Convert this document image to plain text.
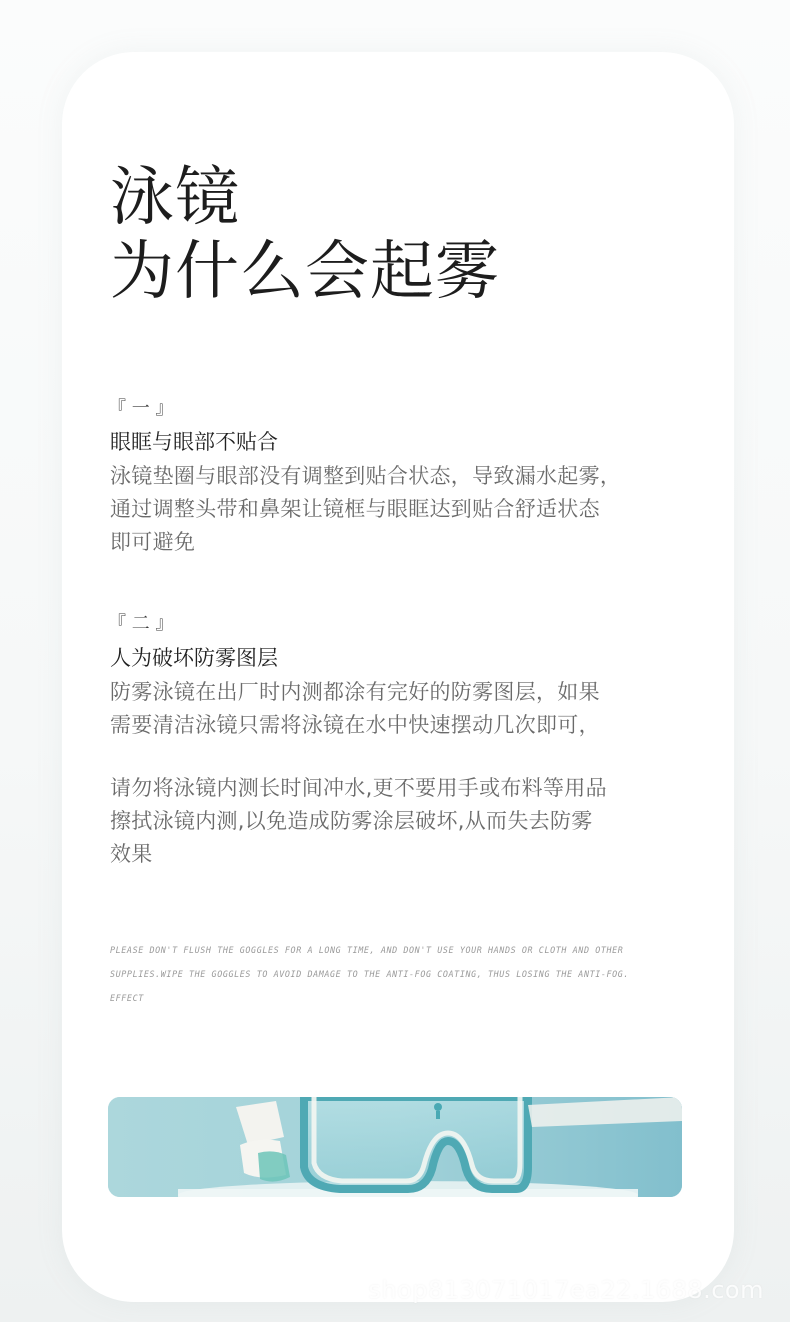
泳镜
为什么会起雾
『 一 』
眼眶与眼部不贴合
泳镜垫圈与眼部没有调整到贴合状态，导致漏水起雾，
通过调整头带和鼻架让镜框与眼眶达到贴合舒适状态
即可避免
『 二 』
人为破坏防雾图层
防雾泳镜在出厂时内测都涂有完好的防雾图层，如果
需要清洁泳镜只需将泳镜在水中快速摆动几次即可，
请勿将泳镜内测长时间冲水,更不要用手或布料等用品
擦拭泳镜内测,以免造成防雾涂层破坏,从而失去防雾
效果
PLEASE DON'T FLUSH THE GOGGLES FOR A LONG TIME, AND DON'T USE YOUR HANDS OR CLOTH AND OTHER
SUPPLIES.WIPE THE GOGGLES TO AVOID DAMAGE TO THE ANTI-FOG COATING, THUS LOSING THE ANTI-FOG.
EFFECT
shop813071017ea22.1688.com
